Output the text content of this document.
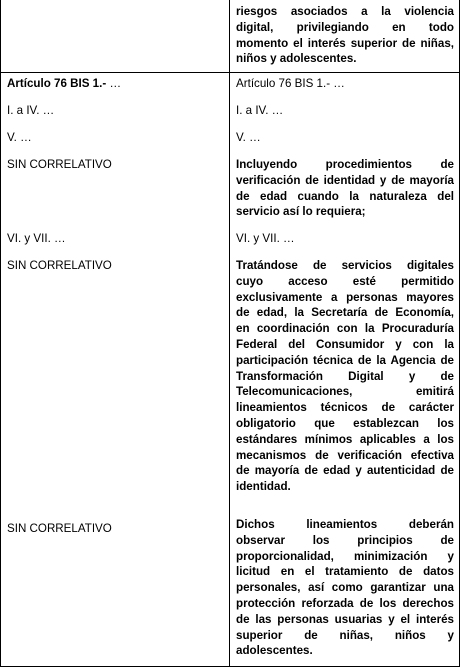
riesgos asociados a la violencia
digital, privilegiando en todo
momento el interés superior de niñas,
niños y adolescentes.
Artículo 76 BIS 1.- …	Artículo 76 BIS 1.- …
I. a IV. …	I. a IV. …
V. …	V. …
SIN CORRELATIVO	Incluyendo procedimientos de
verificación de identidad y de mayoría
de edad cuando la naturaleza del
servicio así lo requiera;
VI. y VII. …	VI. y VII. …
SIN CORRELATIVO	Tratándose de servicios digitales
cuyo acceso esté permitido
exclusivamente a personas mayores
de edad, la Secretaría de Economía,
en coordinación con la Procuraduría
Federal del Consumidor y con la
participación técnica de la Agencia de
Transformación Digital y de
Telecomunicaciones, emitirá
lineamientos técnicos de carácter
obligatorio que establezcan los
estándares mínimos aplicables a los
mecanismos de verificación efectiva
de mayoría de edad y autenticidad de
identidad.
SIN CORRELATIVO	Dichos lineamientos deberán
observar los principios de
proporcionalidad, minimización y
licitud en el tratamiento de datos
personales, así como garantizar una
protección reforzada de los derechos
de las personas usuarias y el interés
superior de niñas, niños y
adolescentes.
